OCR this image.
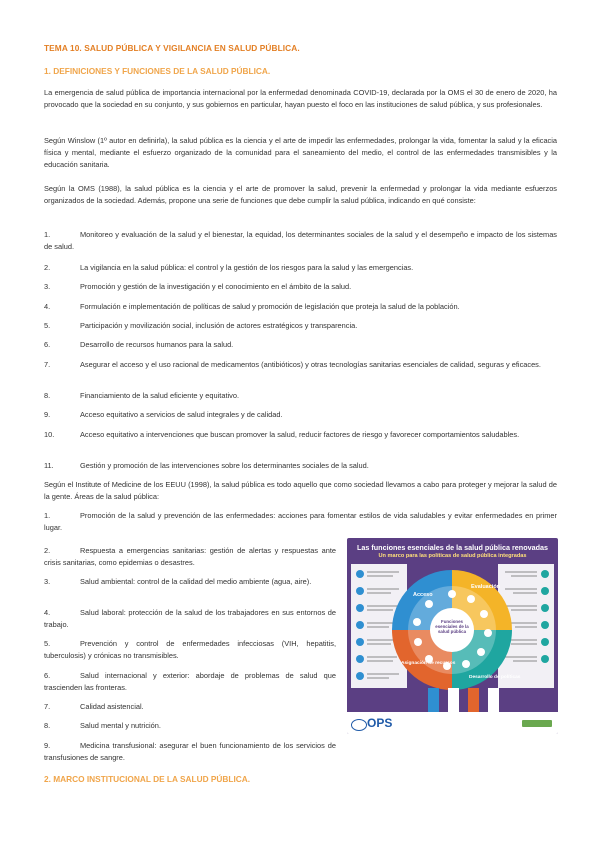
TEMA 10. SALUD PÚBLICA Y VIGILANCIA EN SALUD PÚBLICA.
1. DEFINICIONES Y FUNCIONES DE LA SALUD PÚBLICA.
La emergencia de salud pública de importancia internacional por la enfermedad denominada COVID-19, declarada por la OMS el 30 de enero de 2020, ha provocado que la sociedad en su conjunto, y sus gobiernos en particular, hayan puesto el foco en las instituciones de salud pública, y sus profesionales.
Según Winslow (1º autor en definirla), la salud pública es la ciencia y el arte de impedir las enfermedades, prolongar la vida, fomentar la salud y la eficacia física y mental, mediante el esfuerzo organizado de la comunidad para el saneamiento del medio, el control de las enfermedades transmisibles y la educación sanitaria.
Según la OMS (1988), la salud pública es la ciencia y el arte de promover la salud, prevenir la enfermedad y prolongar la vida mediante esfuerzos organizados de la sociedad. Además, propone una serie de funciones que debe cumplir la salud pública, indicando en qué consiste:
1.	Monitoreo y evaluación de la salud y el bienestar, la equidad, los determinantes sociales de la salud y el desempeño e impacto de los sistemas de salud.
2.	La vigilancia en la salud pública: el control y la gestión de los riesgos para la salud y las emergencias.
3.	Promoción y gestión de la investigación y el conocimiento en el ámbito de la salud.
4.	Formulación e implementación de políticas de salud y promoción de legislación que proteja la salud de la población.
5.	Participación y movilización social, inclusión de actores estratégicos y transparencia.
6.	Desarrollo de recursos humanos para la salud.
7.	Asegurar el acceso y el uso racional de medicamentos (antibióticos) y otras tecnologías sanitarias esenciales de calidad, seguras y eficaces.
8.	Financiamiento de la salud eficiente y equitativo.
9.	Acceso equitativo a servicios de salud integrales y de calidad.
10.	Acceso equitativo a intervenciones que buscan promover la salud, reducir factores de riesgo y favorecer comportamientos saludables.
11.	Gestión y promoción de las intervenciones sobre los determinantes sociales de la salud.
Según el Institute of Medicine de los EEUU (1998), la salud pública es todo aquello que como sociedad llevamos a cabo para proteger y mejorar la salud de la gente. Áreas de la salud pública:
1.	Promoción de la salud y prevención de las enfermedades: acciones para fomentar estilos de vida saludables y evitar enfermedades en primer lugar.
2.	Respuesta a emergencias sanitarias: gestión de alertas y respuestas ante crisis sanitarias, como epidemias o desastres.
3.	Salud ambiental: control de la calidad del medio ambiente (agua, aire).
4.	Salud laboral: protección de la salud de los trabajadores en sus entornos de trabajo.
5.	Prevención y control de enfermedades infecciosas (VIH, hepatitis, tuberculosis) y crónicas no transmisibles.
6.	Salud internacional y exterior: abordaje de problemas de salud que trascienden las fronteras.
7.	Calidad asistencial.
8.	Salud mental y nutrición.
9.	Medicina transfusional: asegurar el buen funcionamiento de los servicios de transfusiones de sangre.
Las funciones esenciales de la salud pública renovadas
Un marco para las políticas de salud pública integradas
Acceso
Evaluación
Desarrollo de políticas
Asignación de recursos
Funciones esenciales de la salud pública
OPS
2. MARCO INSTITUCIONAL DE LA SALUD PÚBLICA.
